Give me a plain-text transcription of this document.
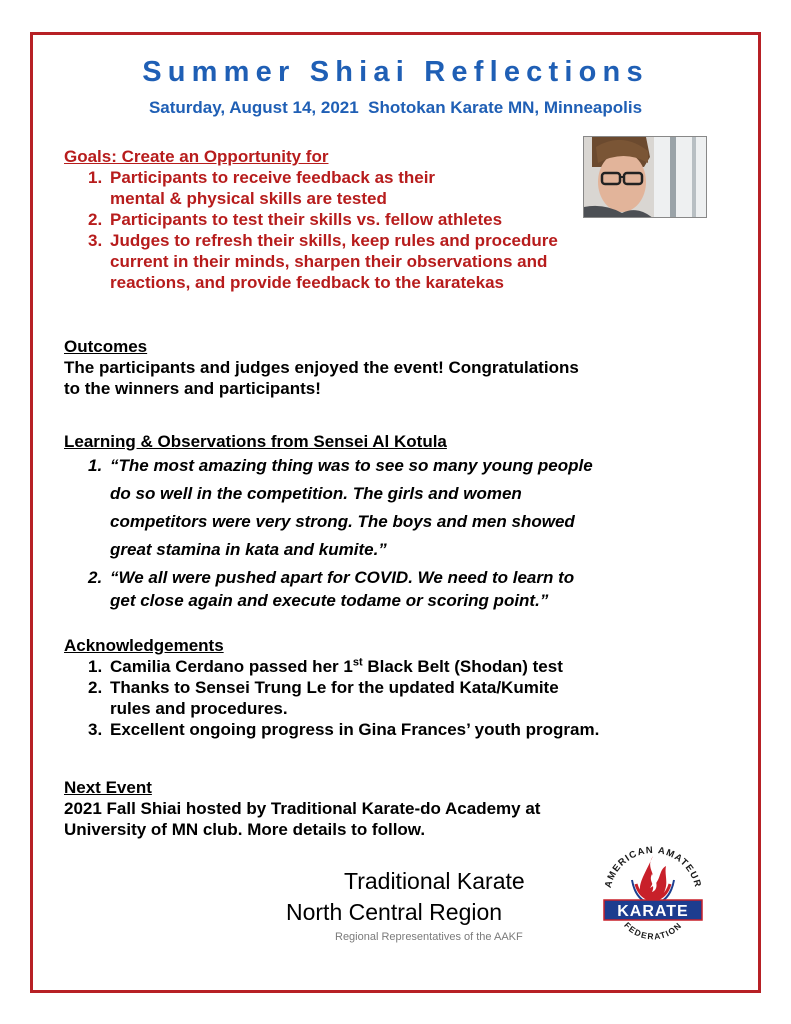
Summer Shiai Reflections
Saturday, August 14, 2021  Shotokan Karate MN, Minneapolis
Goals: Create an Opportunity for
1. Participants to receive feedback as their
mental & physical skills are tested
2. Participants to test their skills vs. fellow athletes
3. Judges to refresh their skills, keep rules and procedure
current in their minds, sharpen their observations and
reactions, and provide feedback to the karatekas
Outcomes
The participants and judges enjoyed the event! Congratulations
to the winners and participants!
Learning & Observations from Sensei Al Kotula
1. “The most amazing thing was to see so many young people
do so well in the competition. The girls and women
competitors were very strong. The boys and men showed
great stamina in kata and kumite.”
2. “We all were pushed apart for COVID. We need to learn to
get close again and execute todame or scoring point.”
Acknowledgements
1. Camilia Cerdano passed her 1st Black Belt (Shodan) test
2. Thanks to Sensei Trung Le for the updated Kata/Kumite
rules and procedures.
3. Excellent ongoing progress in Gina Frances’ youth program.
Next Event
2021 Fall Shiai hosted by Traditional Karate-do Academy at
University of MN club. More details to follow.
Traditional Karate
North Central Region
Regional Representatives of the AAKF
AMERICAN AMATEUR
KARATE
FEDERATION
